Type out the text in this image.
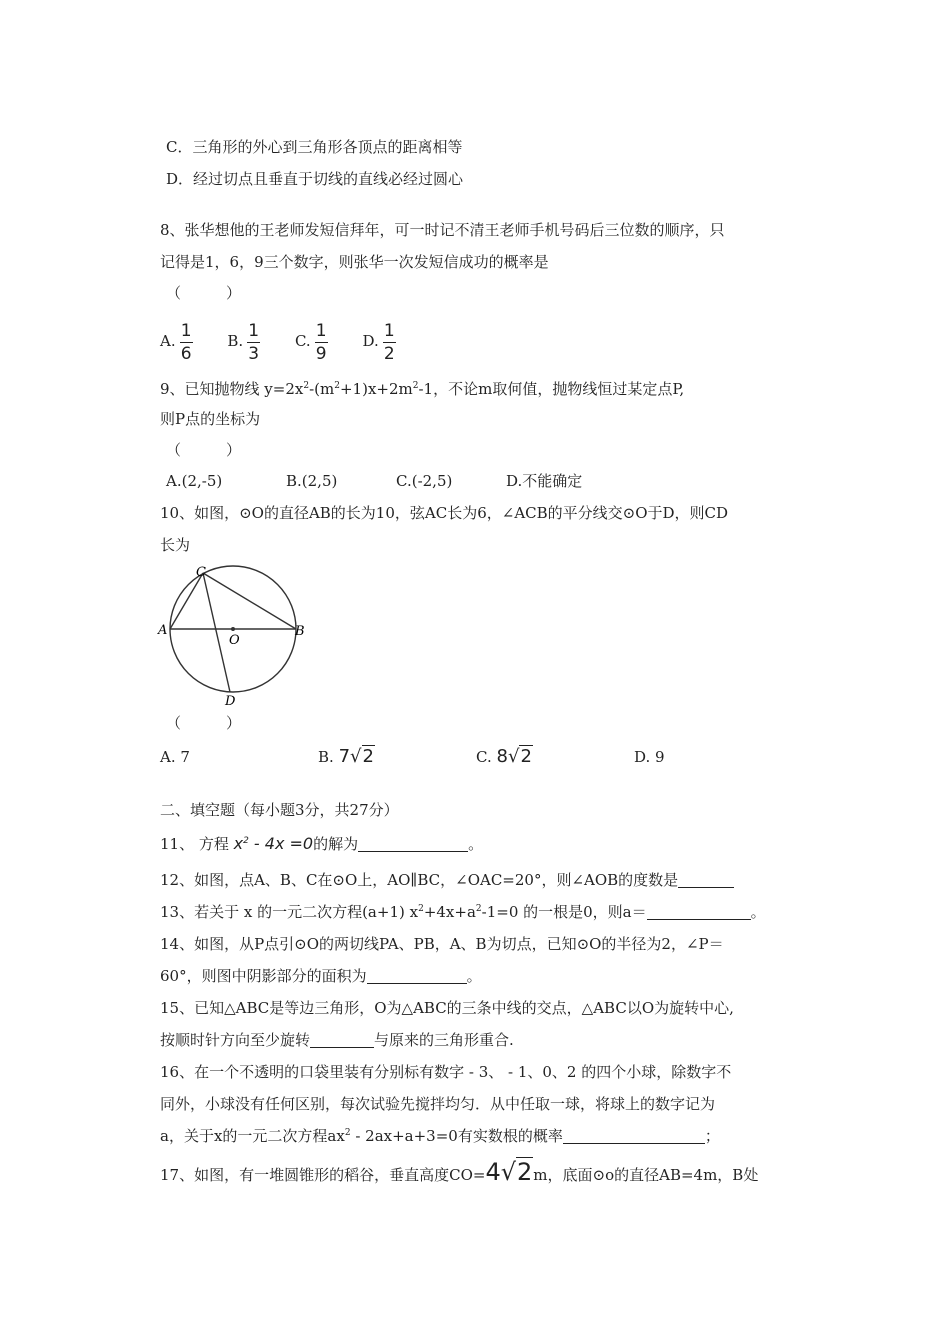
C．三角形的外心到三角形各顶点的距离相等
D．经过切点且垂直于切线的直线必经过圆心
8、张华想他的王老师发短信拜年，可一时记不清王老师手机号码后三位数的顺序，只
记得是1，6，9三个数字，则张华一次发短信成功的概率是
（　　　）
A. $\frac{1}{6} B$. $\frac{1}{3} C$. $\frac{1}{9} D$. $\frac{1}{2}$
9、已知抛物线 $y=2x^2-(m^2+1)x+2m^2-1$，不论m取何值，抛物线恒过某定点P,
则P点的坐标为
（　　　）
A.(2,-5)	B.(2,5)	C.(-2,5)	D.不能确定
10、如图，⊙O的直径AB的长为10，弦AC长为6，∠ACB的平分线交⊙O于D，则CD
长为
C
A	B
O
D
（　　　）
A. 7	B. 7√2	C. 8√2	D. 9
二、填空题（每小题3分，共27分）
11、 方程 $x^2 - 4x =0$的解为	。
12、如图，点A、B、C在⊙O上，AO∥BC，∠OAC=20°，则∠AOB的度数是
13、若关于 x 的一元二次方程(a+1) $x^2+4x+a^2-1=0$ 的一根是0，则a＝	。
14、如图，从P点引⊙O的两切线PA、PB，A、B为切点，已知⊙O的半径为2，∠P＝
60°，则图中阴影部分的面积为	。
15、已知△ABC是等边三角形，O为△ABC的三条中线的交点，△ABC以O为旋转中心,
按顺时针方向至少旋转	与原来的三角形重合.
16、在一个不透明的口袋里装有分别标有数字 - 3、 - 1、0、2 的四个小球，除数字不
同外，小球没有任何区别，每次试验先搅拌均匀．从中任取一球，将球上的数字记为
a，关于x的一元二次方程$ax^2 - 2ax+a+3=0$有实数根的概率	；
17、如图，有一堆圆锥形的稻谷，垂直高度CO=4√2m，底面⊙o的直径AB=4m，B处
